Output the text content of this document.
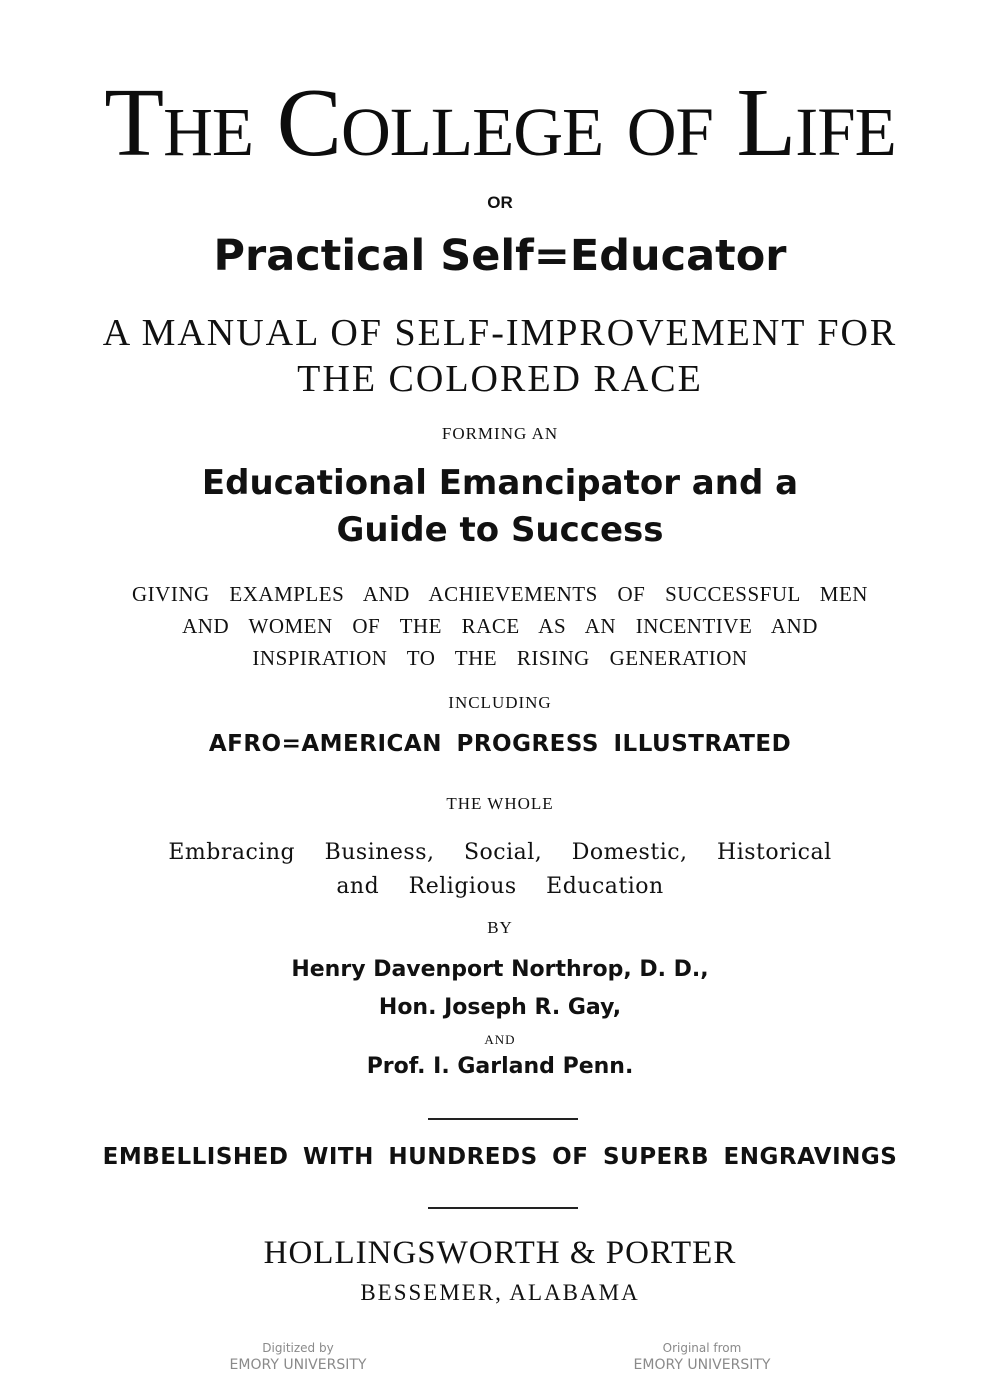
The College of Life
OR
Practical Self=Educator
A MANUAL OF SELF-IMPROVEMENT FOR
THE COLORED RACE
FORMING AN
Educational Emancipator and a
Guide to Success
GIVING EXAMPLES AND ACHIEVEMENTS OF SUCCESSFUL MEN
AND WOMEN OF THE RACE AS AN INCENTIVE AND
INSPIRATION TO THE RISING GENERATION
INCLUDING
AFRO=AMERICAN PROGRESS ILLUSTRATED
THE WHOLE
Embracing Business, Social, Domestic, Historical
and Religious Education
BY
Henry Davenport Northrop, D. D.,
Hon. Joseph R. Gay,
AND
Prof. I. Garland Penn.
EMBELLISHED WITH HUNDREDS OF SUPERB ENGRAVINGS
HOLLINGSWORTH & PORTER
BESSEMER, ALABAMA
Digitized by
EMORY UNIVERSITY
Original from
EMORY UNIVERSITY
